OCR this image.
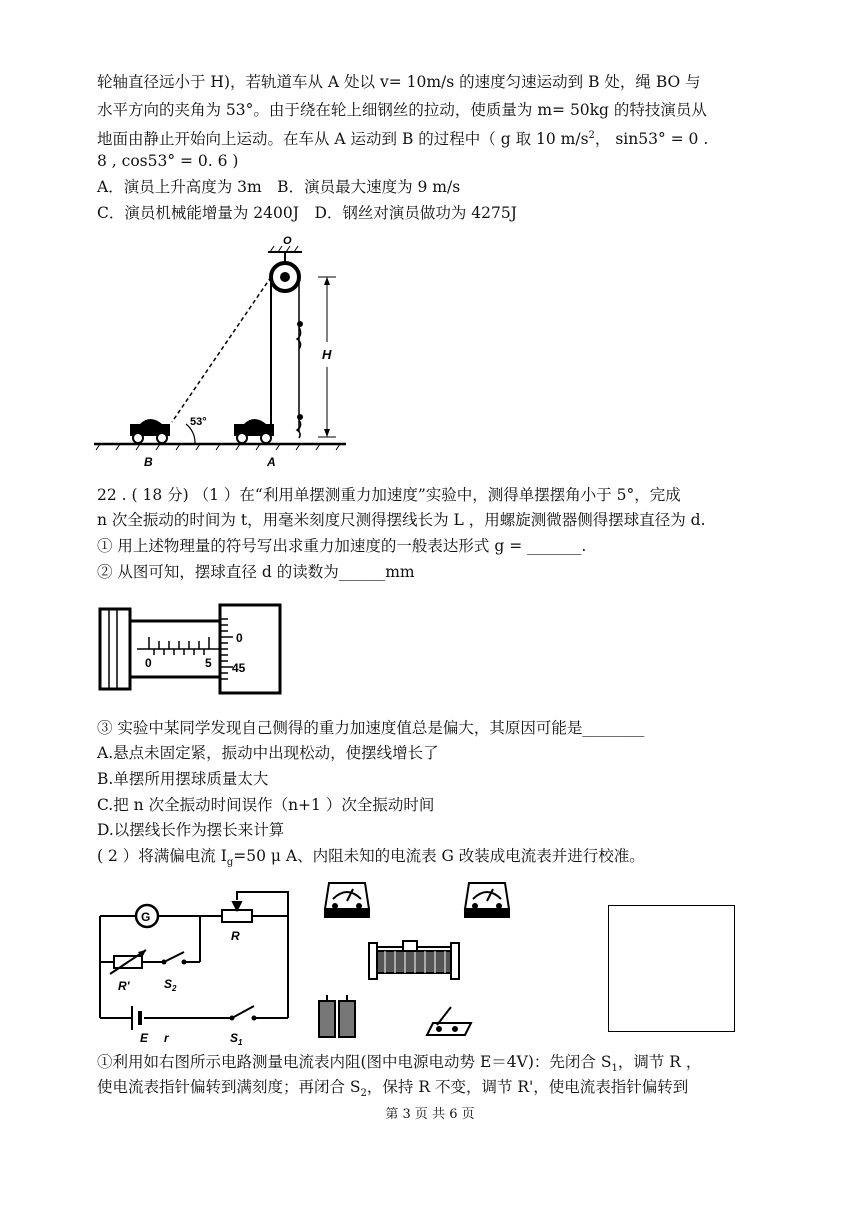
轮轴直径远小于 H)，若轨道车从 A 处以 v= 10m/s 的速度匀速运动到 B 处，绳 BO 与
水平方向的夹角为 53°。由于绕在轮上细钢丝的拉动，使质量为 m= 50kg 的特技演员从
地面由静止开始向上运动。在车从 A 运动到 B 的过程中（ g 取 10 $m/s^2$， sin53° = 0 .
8 , cos53° = 0. 6 )
A．演员上升高度为 3m　B．演员最大速度为 9 m/s
C．演员机械能增量为 2400J　D．钢丝对演员做功为 4275J
O
H
53°
B	A
22 . ( 18 分) （1 ）在“利用单摆测重力加速度”实验中，测得单摆摆角小于 5°，完成
n 次全振动的时间为 t，用毫米刻度尺测得摆线长为 L ，用螺旋测微器侧得摆球直径为 d.
① 用上述物理量的符号写出求重力加速度的一般表达形式 g = _______.
② 从图可知，摆球直径 d 的读数为______mm
0	5
0
45
③ 实验中某同学发现自己侧得的重力加速度值总是偏大，其原因可能是________
A.悬点未固定紧，振动中出现松动，使摆线增长了
B.单摆所用摆球质量太大
C.把 n 次全振动时间误作（n+1 ）次全振动时间
D.以摆线长作为摆长来计算
( 2 ）将满偏电流 $I_g=50$ μ A、内阻未知的电流表 G 改装成电流表并进行校准。
G
R
R'	$S_2$
E r	$S_1$
①利用如右图所示电路测量电流表内阻(图中电源电动势 E＝4V)：先闭合 $S_1$，调节 R ，
使电流表指针偏转到满刻度；再闭合 $S_2$，保持 R 不变，调节 R'，使电流表指针偏转到
第 3 页 共 6 页
